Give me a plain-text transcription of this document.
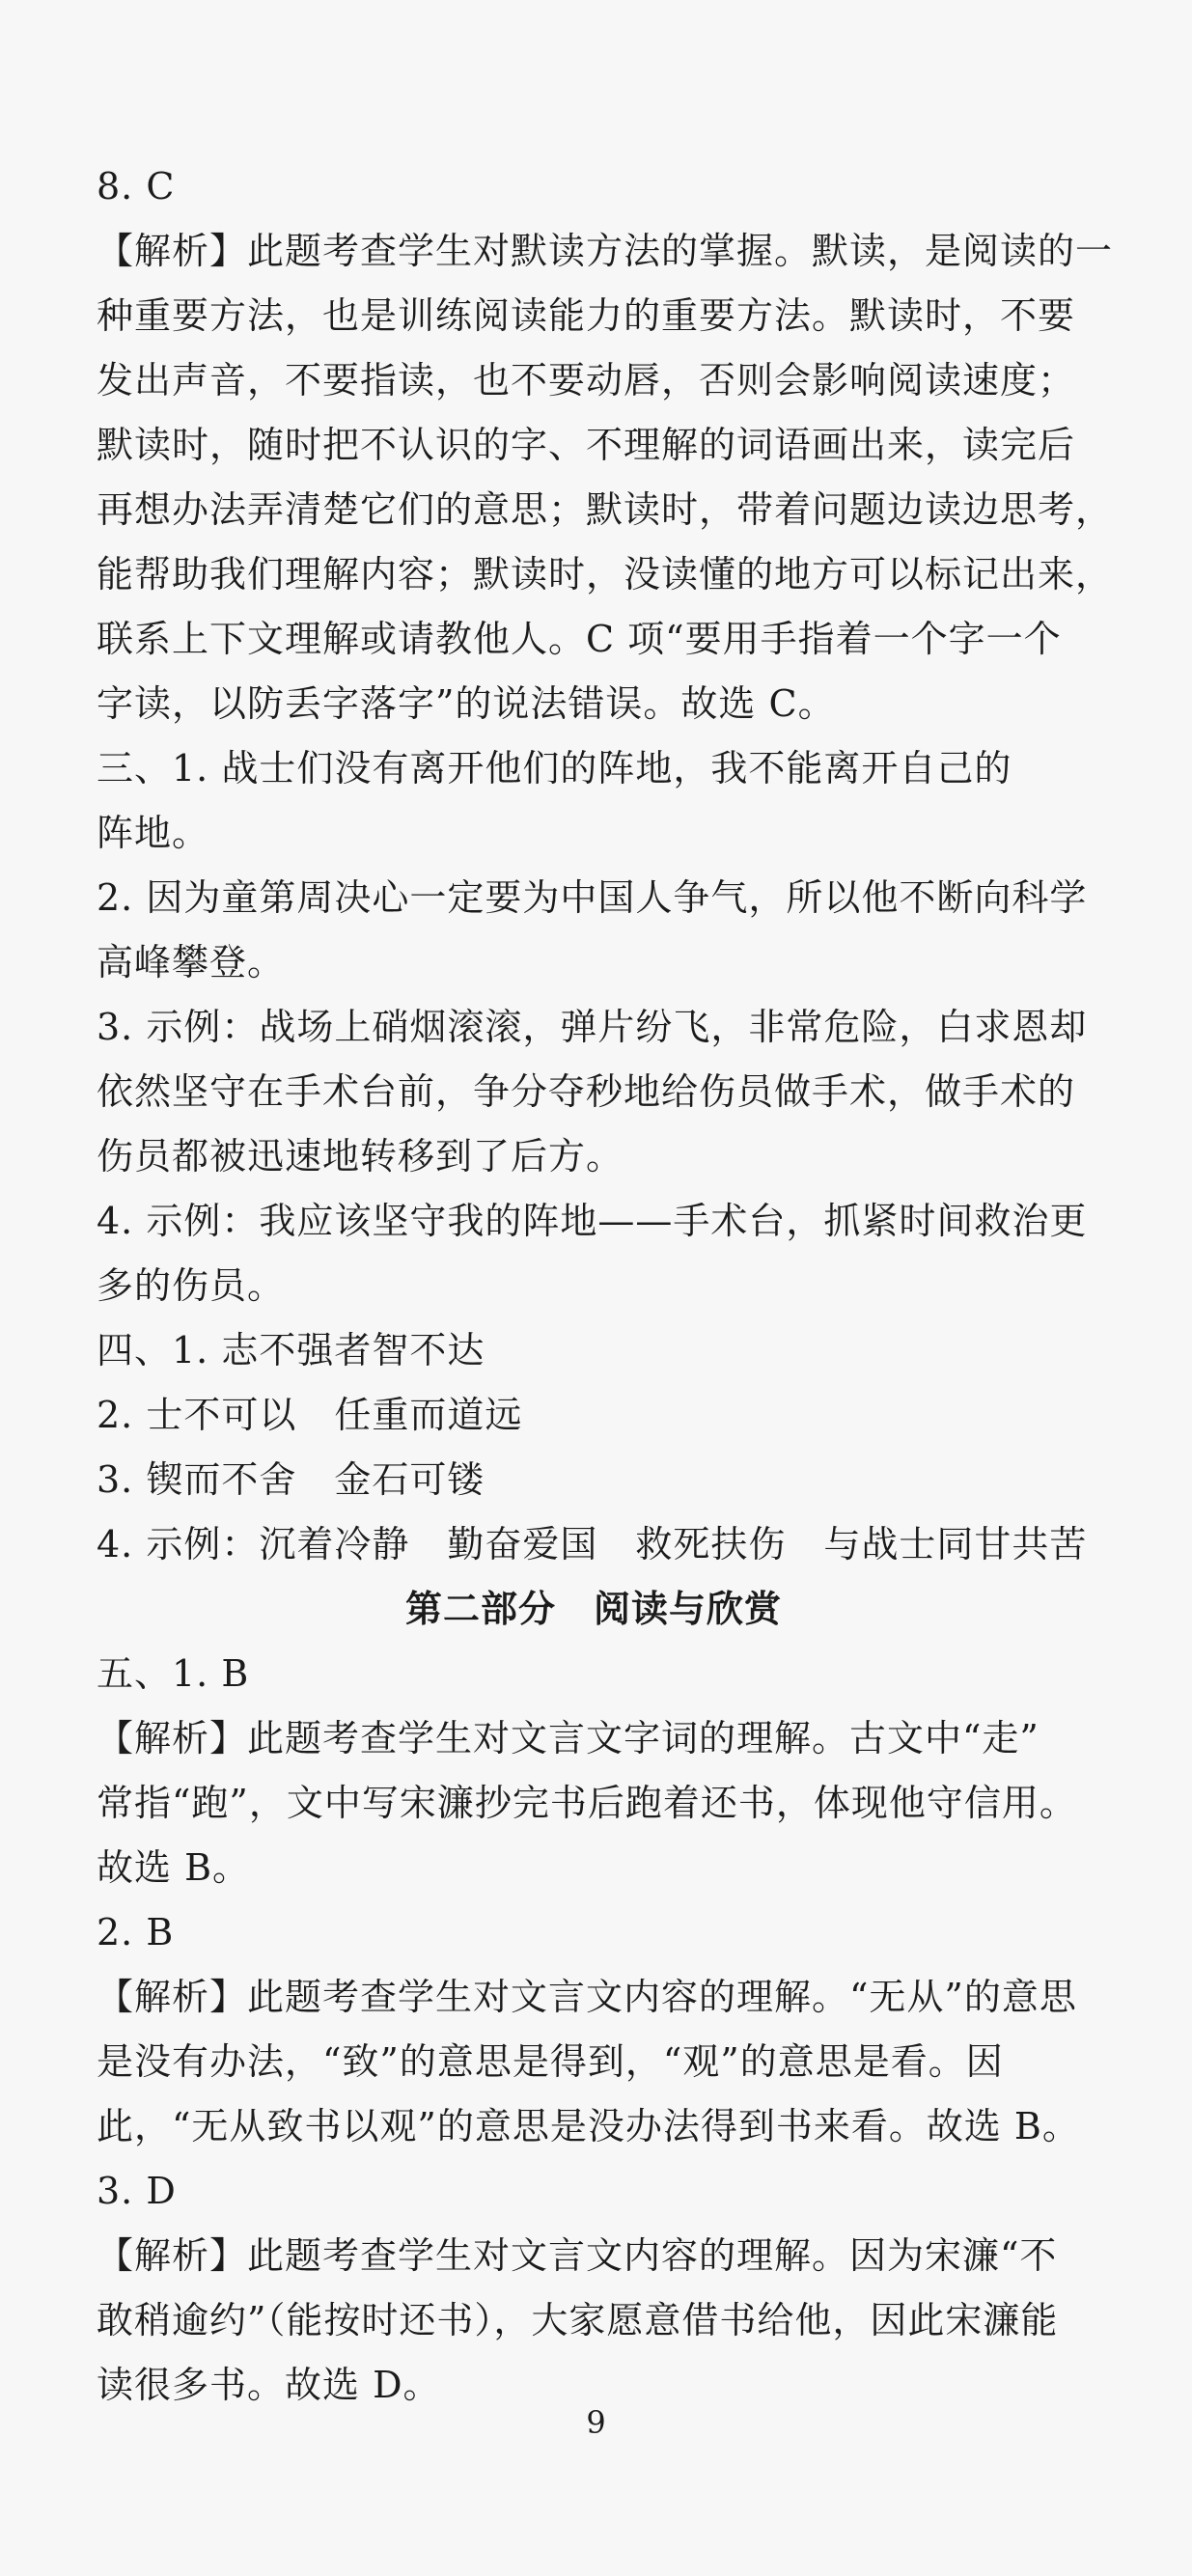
8. C
【解析】此题考查学生对默读方法的掌握。默读，是阅读的一
种重要方法，也是训练阅读能力的重要方法。默读时，不要
发出声音，不要指读，也不要动唇，否则会影响阅读速度；
默读时，随时把不认识的字、不理解的词语画出来，读完后
再想办法弄清楚它们的意思；默读时，带着问题边读边思考，
能帮助我们理解内容；默读时，没读懂的地方可以标记出来，
联系上下文理解或请教他人。C 项“要用手指着一个字一个
字读，以防丢字落字”的说法错误。故选 C。
三、1. 战士们没有离开他们的阵地，我不能离开自己的
阵地。
2. 因为童第周决心一定要为中国人争气，所以他不断向科学
高峰攀登。
3. 示例：战场上硝烟滚滚，弹片纷飞，非常危险，白求恩却
依然坚守在手术台前，争分夺秒地给伤员做手术，做手术的
伤员都被迅速地转移到了后方。
4. 示例：我应该坚守我的阵地——手术台，抓紧时间救治更
多的伤员。
四、1. 志不强者智不达
2. 士不可以　任重而道远
3. 锲而不舍　金石可镂
4. 示例：沉着冷静　勤奋爱国　救死扶伤　与战士同甘共苦
第二部分　阅读与欣赏
五、1. B
【解析】此题考查学生对文言文字词的理解。古文中“走”
常指“跑”，文中写宋濂抄完书后跑着还书，体现他守信用。
故选 B。
2. B
【解析】此题考查学生对文言文内容的理解。“无从”的意思
是没有办法，“致”的意思是得到，“观”的意思是看。因
此，“无从致书以观”的意思是没办法得到书来看。故选 B。
3. D
【解析】此题考查学生对文言文内容的理解。因为宋濂“不
敢稍逾约”（能按时还书），大家愿意借书给他，因此宋濂能
读很多书。故选 D。
9
